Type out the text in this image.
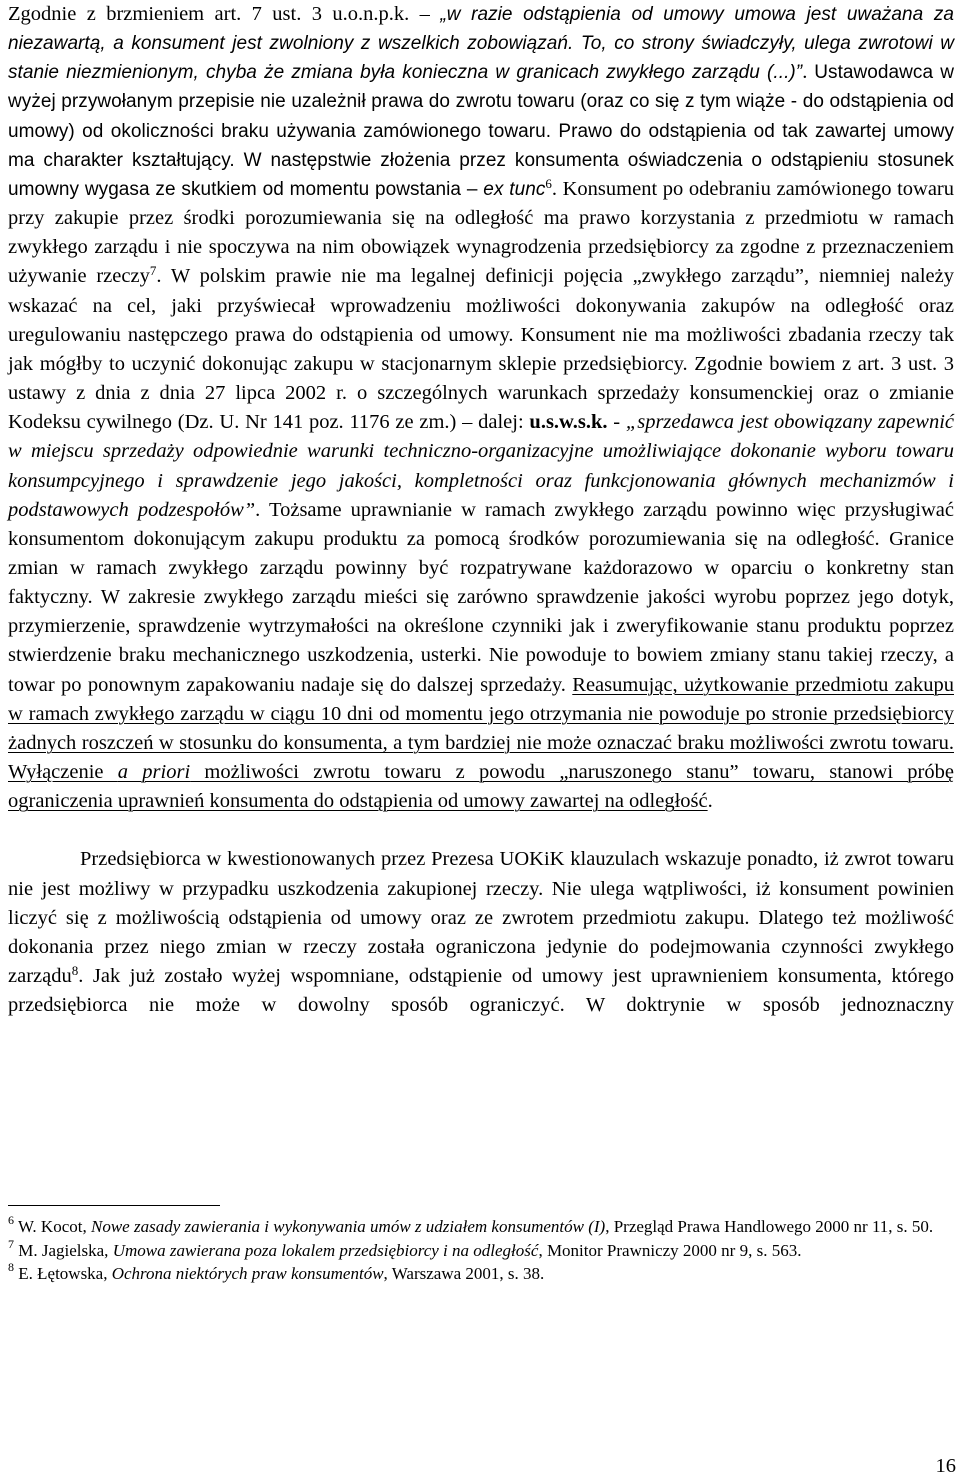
Zgodnie z brzmieniem art. 7 ust. 3 u.o.n.p.k. – „w razie odstąpienia od umowy umowa jest uważana za niezawartą, a konsument jest zwolniony z wszelkich zobowiązań. To, co strony świadczyły, ulega zwrotowi w stanie niezmienionym, chyba że zmiana była konieczna w granicach zwykłego zarządu (...)”. Ustawodawca w wyżej przywołanym przepisie nie uzależnił prawa do zwrotu towaru (oraz co się z tym wiąże - do odstąpienia od umowy) od okoliczności braku używania zamówionego towaru. Prawo do odstąpienia od tak zawartej umowy ma charakter kształtujący. W następstwie złożenia przez konsumenta oświadczenia o odstąpieniu stosunek umowny wygasa ze skutkiem od momentu powstania – ex tunc$^6$. Konsument po odebraniu zamówionego towaru przy zakupie przez środki porozumiewania się na odległość ma prawo korzystania z przedmiotu w ramach zwykłego zarządu i nie spoczywa na nim obowiązek wynagrodzenia przedsiębiorcy za zgodne z przeznaczeniem używanie rzeczy$^7$. W polskim prawie nie ma legalnej definicji pojęcia „zwykłego zarządu”, niemniej należy wskazać na cel, jaki przyświecał wprowadzeniu możliwości dokonywania zakupów na odległość oraz uregulowaniu następczego prawa do odstąpienia od umowy. Konsument nie ma możliwości zbadania rzeczy tak jak mógłby to uczynić dokonując zakupu w stacjonarnym sklepie przedsiębiorcy. Zgodnie bowiem z art. 3 ust. 3 ustawy z dnia z dnia 27 lipca 2002 r. o szczególnych warunkach sprzedaży konsumenckiej oraz o zmianie Kodeksu cywilnego (Dz. U. Nr 141 poz. 1176 ze zm.) – dalej: u.s.w.s.k. - „sprzedawca jest obowiązany zapewnić w miejscu sprzedaży odpowiednie warunki techniczno-organizacyjne umożliwiające dokonanie wyboru towaru konsumpcyjnego i sprawdzenie jego jakości, kompletności oraz funkcjonowania głównych mechanizmów i podstawowych podzespołów”. Tożsame uprawnianie w ramach zwykłego zarządu powinno więc przysługiwać konsumentom dokonującym zakupu produktu za pomocą środków porozumiewania się na odległość. Granice zmian w ramach zwykłego zarządu powinny być rozpatrywane każdorazowo w oparciu o konkretny stan faktyczny. W zakresie zwykłego zarządu mieści się zarówno sprawdzenie jakości wyrobu poprzez jego dotyk, przymierzenie, sprawdzenie wytrzymałości na określone czynniki jak i zweryfikowanie stanu produktu poprzez stwierdzenie braku mechanicznego uszkodzenia, usterki. Nie powoduje to bowiem zmiany stanu takiej rzeczy, a towar po ponownym zapakowaniu nadaje się do dalszej sprzedaży. Reasumując, użytkowanie przedmiotu zakupu w ramach zwykłego zarządu w ciągu 10 dni od momentu jego otrzymania nie powoduje po stronie przedsiębiorcy żadnych roszczeń w stosunku do konsumenta, a tym bardziej nie może oznaczać braku możliwości zwrotu towaru. Wyłączenie a priori możliwości zwrotu towaru z powodu „naruszonego stanu” towaru, stanowi próbę ograniczenia uprawnień konsumenta do odstąpienia od umowy zawartej na odległość.

Przedsiębiorca w kwestionowanych przez Prezesa UOKiK klauzulach wskazuje ponadto, iż zwrot towaru nie jest możliwy w przypadku uszkodzenia zakupionej rzeczy. Nie ulega wątpliwości, iż konsument powinien liczyć się z możliwością odstąpienia od umowy oraz ze zwrotem przedmiotu zakupu. Dlatego też możliwość dokonania przez niego zmian w rzeczy została ograniczona jedynie do podejmowania czynności zwykłego zarządu$^8$. Jak już zostało wyżej wspomniane, odstąpienie od umowy jest uprawnieniem konsumenta, którego przedsiębiorca nie może w dowolny sposób ograniczyć. W doktrynie w sposób jednoznaczny

$^6$ W. Kocot, Nowe zasady zawierania i wykonywania umów z udziałem konsumentów (I), Przegląd Prawa Handlowego 2000 nr 11, s. 50.

$^7$ M. Jagielska, Umowa zawierana poza lokalem przedsiębiorcy i na odległość, Monitor Prawniczy 2000 nr 9, s. 563.

$^8$ E. Łętowska, Ochrona niektórych praw konsumentów, Warszawa 2001, s. 38.

16
